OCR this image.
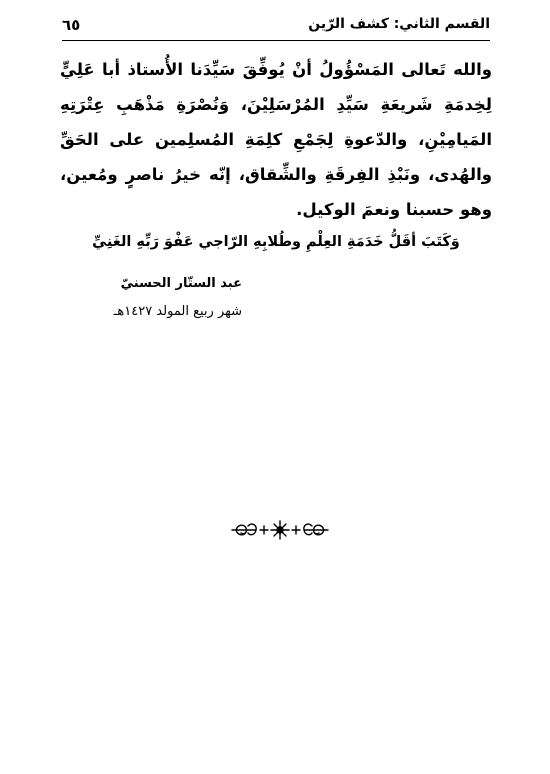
القسم الثاني: كشف الرّين
٦٥

والله تَعالى المَسْؤُولُ أنْ يُوفِّقَ سَيِّدَنا الأُستاذ أبا عَلِيٍّ لِخِدمَةِ شَريعَةِ سَيِّدِ المُرْسَلِيْنَ، وَنُصْرَةِ مَذْهَبِ عِتْرَتِهِ المَيامِيْنِ، والدّعوةِ لِجَمْعِ كلِمَةِ المُسلِمين على الحَقِّ والهُدى، ونَبْذِ الفِرقَةِ والشِّقاق، إنّه خيرُ ناصرٍ ومُعين، وهو حسبنا ونعمَ الوكيل.

وَكَتَبَ أقَلُّ خَدَمَةِ العِلْمِ وطُلابِهِ الرّاجي عَفْوَ رَبِّهِ الغَنِيِّ
عبد الستّار الحسنيّ
شهر ربيع المولد ١٤٢٧هـ
